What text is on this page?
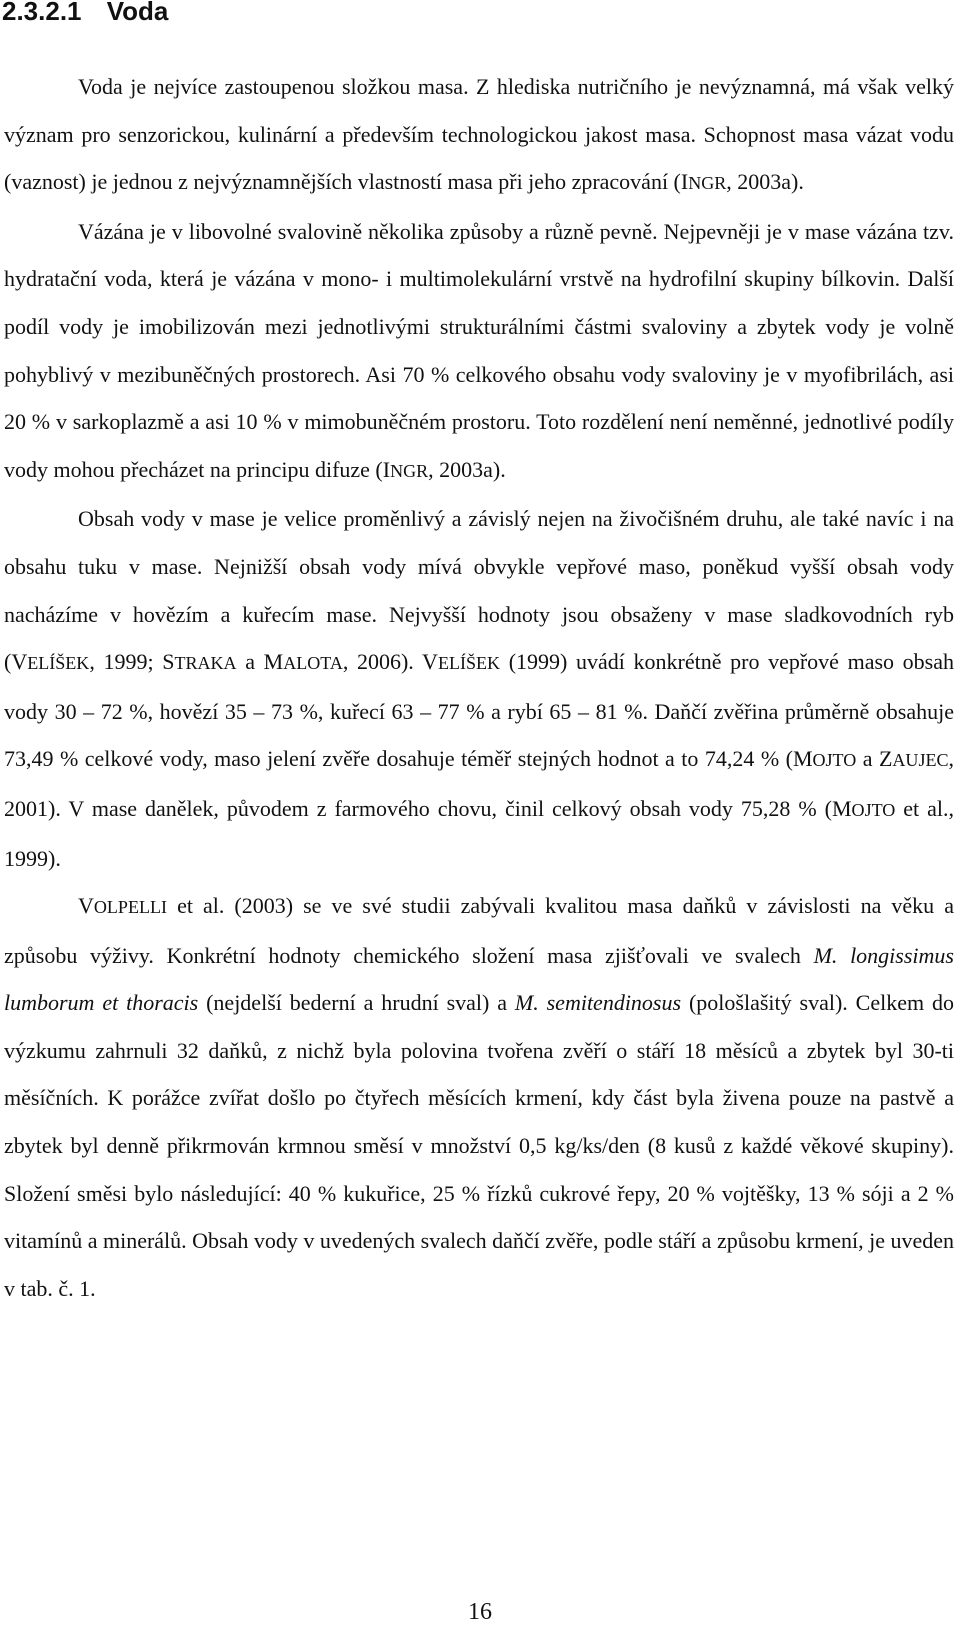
2.3.2.1 Voda

Voda je nejvíce zastoupenou složkou masa. Z hlediska nutričního je nevýznamná, má však velký význam pro senzorickou, kulinární a především technologickou jakost masa. Schopnost masa vázat vodu (vaznost) je jednou z nejvýznamnějších vlastností masa při jeho zpracování (INGR, 2003a).

Vázána je v libovolné svalovině několika způsoby a různě pevně. Nejpevněji je v mase vázána tzv. hydratační voda, která je vázána v mono- i multimolekulární vrstvě na hydrofilní skupiny bílkovin. Další podíl vody je imobilizován mezi jednotlivými strukturálními částmi svaloviny a zbytek vody je volně pohyblivý v mezibuněčných prostorech. Asi 70 % celkového obsahu vody svaloviny je v myofibrilách, asi 20 % v sarkoplazmě a asi 10 % v mimobuněčném prostoru. Toto rozdělení není neměnné, jednotlivé podíly vody mohou přecházet na principu difuze (INGR, 2003a).

Obsah vody v mase je velice proměnlivý a závislý nejen na živočišném druhu, ale také navíc i na obsahu tuku v mase. Nejnižší obsah vody mívá obvykle vepřové maso, poněkud vyšší obsah vody nacházíme v hovězím a kuřecím mase. Nejvyšší hodnoty jsou obsaženy v mase sladkovodních ryb (VELÍŠEK, 1999; STRAKA a MALOTA, 2006). VELÍŠEK (1999) uvádí konkrétně pro vepřové maso obsah vody 30 – 72 %, hovězí 35 – 73 %, kuřecí 63 – 77 % a rybí 65 – 81 %. Daňčí zvěřina průměrně obsahuje 73,49 % celkové vody, maso jelení zvěře dosahuje téměř stejných hodnot a to 74,24 % (MOJTO a ZAUJEC, 2001). V mase danělek, původem z farmového chovu, činil celkový obsah vody 75,28 % (MOJTO et al., 1999).

VOLPELLI et al. (2003) se ve své studii zabývali kvalitou masa daňků v závislosti na věku a způsobu výživy. Konkrétní hodnoty chemického složení masa zjišťovali ve svalech M. longissimus lumborum et thoracis (nejdelší bederní a hrudní sval) a M. semitendinosus (pološlašitý sval). Celkem do výzkumu zahrnuli 32 daňků, z nichž byla polovina tvořena zvěří o stáří 18 měsíců a zbytek byl 30-ti měsíčních. K porážce zvířat došlo po čtyřech měsících krmení, kdy část byla živena pouze na pastvě a zbytek byl denně přikrmován krmnou směsí v množství 0,5 kg/ks/den (8 kusů z každé věkové skupiny). Složení směsi bylo následující: 40 % kukuřice, 25 % řízků cukrové řepy, 20 % vojtěšky, 13 % sóji a 2 % vitamínů a minerálů. Obsah vody v uvedených svalech daňčí zvěře, podle stáří a způsobu krmení, je uveden v tab. č. 1.

16
